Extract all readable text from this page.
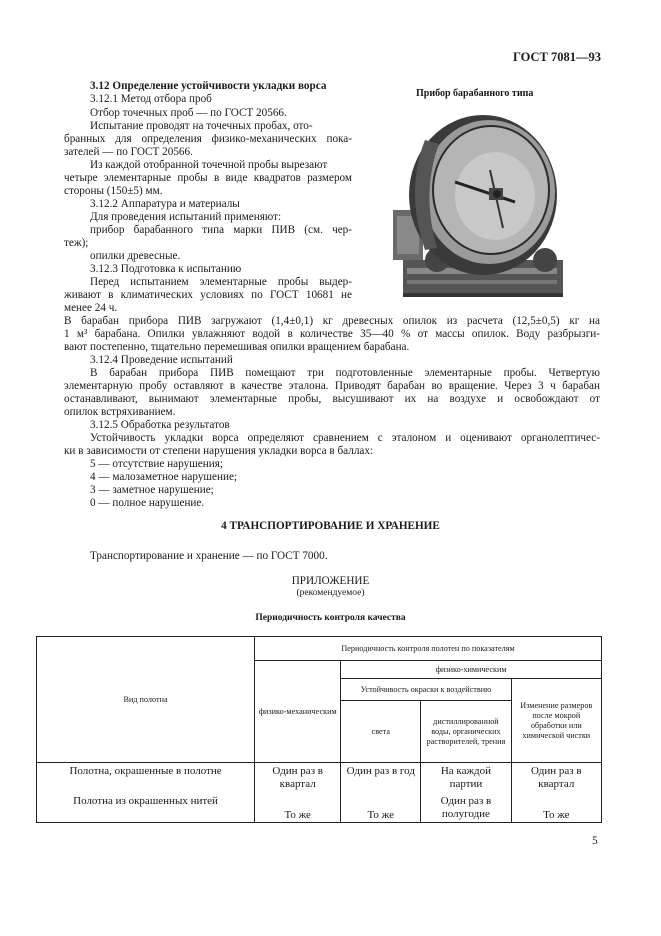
ГОСТ 7081—93
3.12 Определение устойчивости укладки ворса
3.12.1 Метод отбора проб
Отбор точечных проб — по ГОСТ 20566.
Испытание проводят на точечных пробах, ото-
бранных для определения физико-механических пока-
зателей — по ГОСТ 20566.
Из каждой отобранной точечной пробы вырезают
четыре элементарные пробы в виде квадратов размером
стороны (150±5) мм.
3.12.2 Аппаратура и материалы
Для проведения испытаний применяют:
прибор барабанного типа марки ПИВ (см. чер-
теж);
опилки древесные.
3.12.3 Подготовка к испытанию
Перед испытанием элементарные пробы выдер-
живают в климатических условиях по ГОСТ 10681 не
менее 24 ч.
Прибор барабанного типа
В барабан прибора ПИВ загружают (1,4±0,1) кг древесных опилок из расчета (12,5±0,5) кг на
1 м³ барабана. Опилки увлажняют водой в количестве 35—40 % от массы опилок. Воду разбрызги-
вают постепенно, тщательно перемешивая опилки вращением барабана.
3.12.4 Проведение испытаний
В барабан прибора ПИВ помещают три подготовленные элементарные пробы. Четвертую
элементарную пробу оставляют в качестве эталона. Приводят барабан во вращение. Через 3 ч барабан
останавливают, вынимают элементарные пробы, высушивают их на воздухе и освобождают от
опилок встряхиванием.
3.12.5 Обработка результатов
Устойчивость укладки ворса определяют сравнением с эталоном и оценивают органолептичес-
ки в зависимости от степени нарушения укладки ворса в баллах:
5 — отсутствие нарушения;
4 — малозаметное нарушение;
3 — заметное нарушение;
0 — полное нарушение.
4 ТРАНСПОРТИРОВАНИЕ И ХРАНЕНИЕ
Транспортирование и хранение — по ГОСТ 7000.
ПРИЛОЖЕНИЕ
(рекомендуемое)
Периодичность контроля качества
Вид полотна	Периодичность контроля полотен по показателям			
	физико-механическим	физико-химическим		
		Устойчивость окраски к воздействию		Изменение размеров после мокрой обработки или химической чистки
		света	дистиллированной воды, органических растворителей, трения	
Полотна, окрашенные в полотне	Один раз в квартал	Один раз в год	На каждой партии	Один раз в квартал
Полотна из окрашенных нитей	То же	То же	Один раз в полугодие	То же
5
